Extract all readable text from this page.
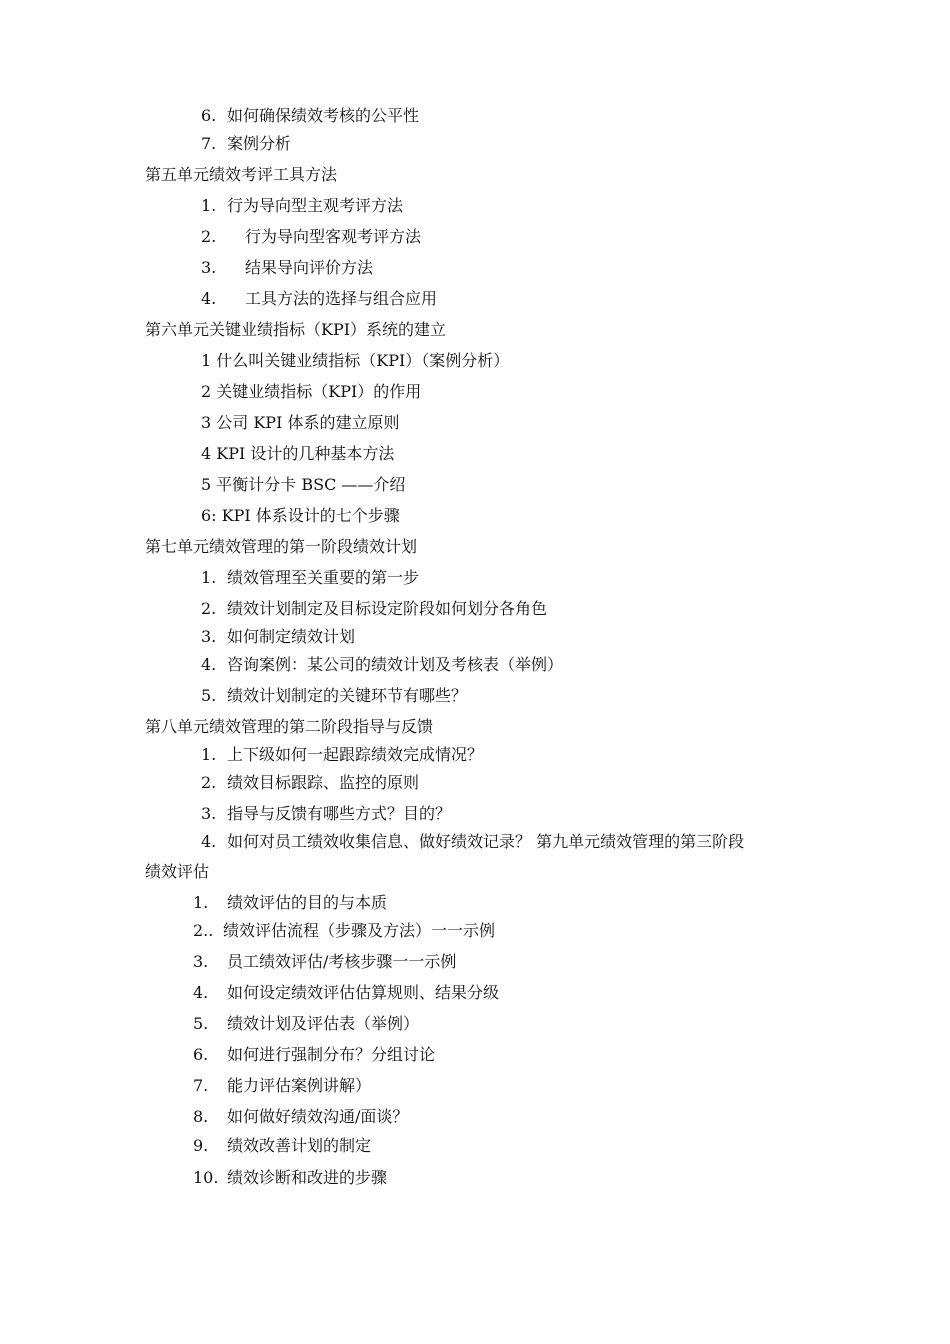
6. 如何确保绩效考核的公平性
7. 案例分析
第五单元绩效考评工具方法
1. 行为导向型主观考评方法
2. 行为导向型客观考评方法
3. 结果导向评价方法
4. 工具方法的选择与组合应用
第六单元关键业绩指标（KPI）系统的建立
1 什么叫关键业绩指标（KPI）（案例分析）
2 关键业绩指标（KPI）的作用
3 公司 KPI 体系的建立原则
4 KPI 设计的几种基本方法
5 平衡计分卡 BSC ——介绍
6: KPI 体系设计的七个步骤
第七单元绩效管理的第一阶段绩效计划
1. 绩效管理至关重要的第一步
2. 绩效计划制定及目标设定阶段如何划分各角色
3. 如何制定绩效计划
4. 咨询案例：某公司的绩效计划及考核表（举例）
5. 绩效计划制定的关键环节有哪些？
第八单元绩效管理的第二阶段指导与反馈
1. 上下级如何一起跟踪绩效完成情况？
2. 绩效目标跟踪、监控的原则
3. 指导与反馈有哪些方式？目的？
4. 如何对员工绩效收集信息、做好绩效记录？ 第九单元绩效管理的第三阶段
绩效评估
1. 绩效评估的目的与本质
2.. 绩效评估流程（步骤及方法）一一示例
3. 员工绩效评估/考核步骤一一示例
4. 如何设定绩效评估估算规则、结果分级
5. 绩效计划及评估表（举例）
6. 如何进行强制分布？分组讨论
7. 能力评估案例讲解）
8. 如何做好绩效沟通/面谈？
9. 绩效改善计划的制定
10. 绩效诊断和改进的步骤
